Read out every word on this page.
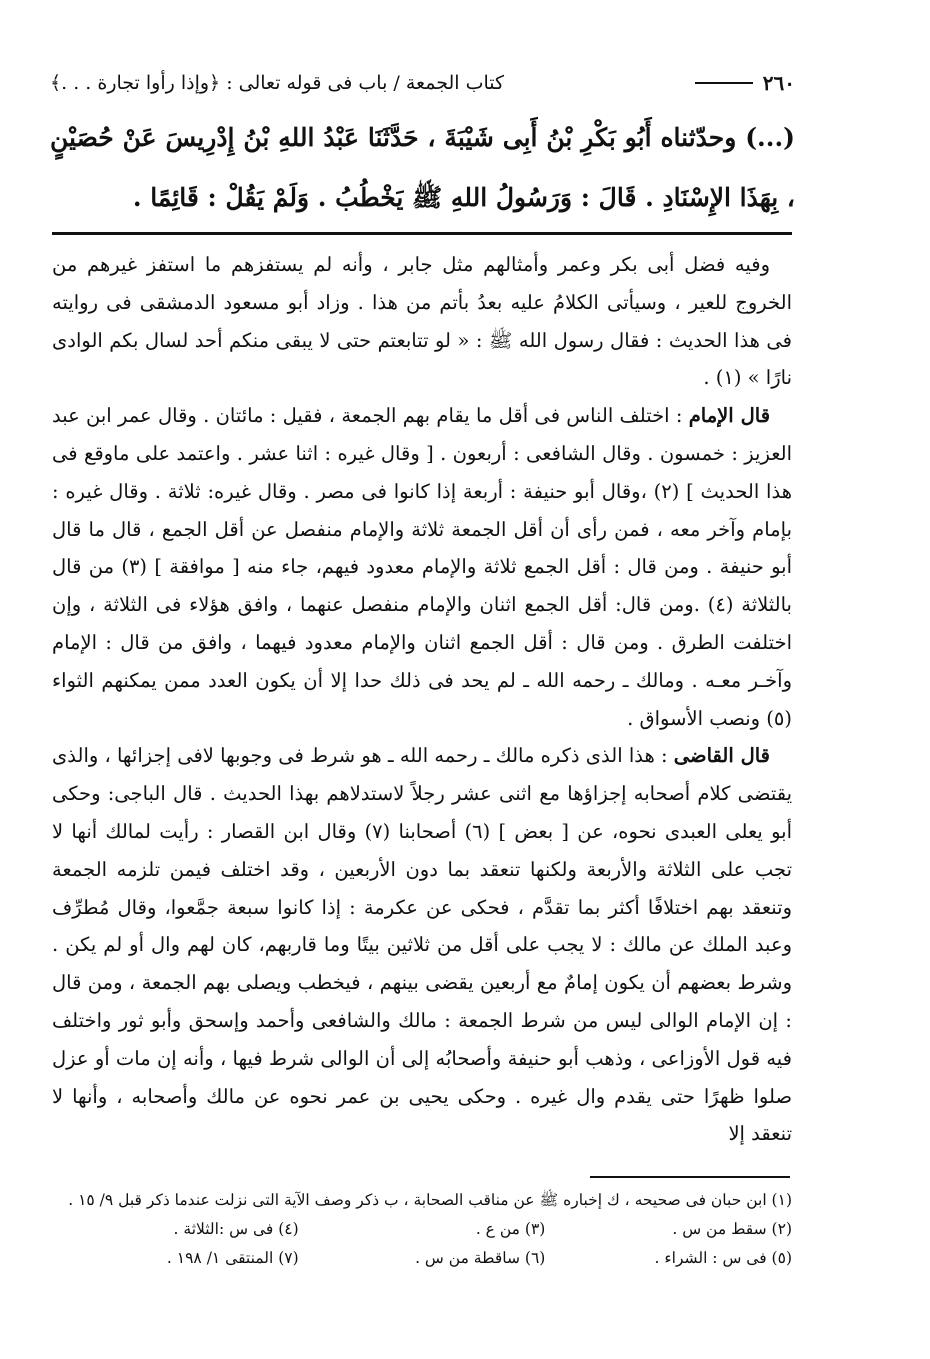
٢٦٠
كتاب الجمعة / باب فى قوله تعالى : ﴿وإذا رأوا تجارة . . .﴾
(...) وحدّثناه أَبُو بَكْرِ بْنُ أَبِى شَيْبَةَ ، حَدَّثَنَا عَبْدُ اللهِ بْنُ إِدْرِيسَ عَنْ حُصَيْنٍ ، بِهَذَا الإِسْنَادِ . قَالَ : وَرَسُولُ اللهِ ﷺ يَخْطُبُ . وَلَمْ يَقُلْ : قَائِمًا .

وفيه فضل أبى بكر وعمر وأمثالهم مثل جابر ، وأنه لم يستفزهم ما استفز غيرهم من الخروج للعير ، وسيأتى الكلامُ عليه بعدُ بأتم من هذا . وزاد أبو مسعود الدمشقى فى روايته فى هذا الحديث : فقال رسول الله ﷺ : « لو تتابعتم حتى لا يبقى منكم أحد لسال بكم الوادى نارًا » (١) .

قال الإمام : اختلف الناس فى أقل ما يقام بهم الجمعة ، فقيل : مائتان . وقال عمر ابن عبد العزيز : خمسون . وقال الشافعى : أربعون . [ وقال غيره : اثنا عشر . واعتمد على ماوقع فى هذا الحديث ] (٢) ،وقال أبو حنيفة : أربعة إذا كانوا فى مصر . وقال غيره: ثلاثة . وقال غيره : بإمام وآخر معه ، فمن رأى أن أقل الجمعة ثلاثة والإمام منفصل عن أقل الجمع ، قال ما قال أبو حنيفة . ومن قال : أقل الجمع ثلاثة والإمام معدود فيهم، جاء منه [ موافقة ] (٣) من قال بالثلاثة (٤) .ومن قال: أقل الجمع اثنان والإمام منفصل عنهما ، وافق هؤلاء فى الثلاثة ، وإن اختلفت الطرق . ومن قال : أقل الجمع اثنان والإمام معدود فيهما ، وافق من قال : الإمام وآخـر معـه . ومالك ـ رحمه الله ـ لم يحد فى ذلك حدا إلا أن يكون العدد ممن يمكنهم الثواء (٥) ونصب الأسواق .

قال القاضى : هذا الذى ذكره مالك ـ رحمه الله ـ هو شرط فى وجوبها لافى إجزائها ، والذى يقتضى كلام أصحابه إجزاؤها مع اثنى عشر رجلاً لاستدلاهم بهذا الحديث . قال الباجى: وحكى أبو يعلى العبدى نحوه، عن [ بعض ] (٦) أصحابنا (٧) وقال ابن القصار : رأيت لمالك أنها لا تجب على الثلاثة والأربعة ولكنها تنعقد بما دون الأربعين ، وقد اختلف فيمن تلزمه الجمعة وتنعقد بهم اختلافًا أكثر بما تقدَّم ، فحكى عن عكرمة : إذا كانوا سبعة جمَّعوا، وقال مُطرِّف وعبد الملك عن مالك : لا يجب على أقل من ثلاثين بيتًا وما قاربهم، كان لهم وال أو لم يكن . وشرط بعضهم أن يكون إمامٌ مع أربعين يقضى بينهم ، فيخطب ويصلى بهم الجمعة ، ومن قال : إن الإمام الوالى ليس من شرط الجمعة : مالك والشافعى وأحمد وإسحق وأبو ثور واختلف فيه قول الأوزاعى ، وذهب أبو حنيفة وأصحابُه إلى أن الوالى شرط فيها ، وأنه إن مات أو عزل صلوا ظهرًا حتى يقدم وال غيره . وحكى يحيى بن عمر نحوه عن مالك وأصحابه ، وأنها لا تنعقد إلا

(١) ابن حبان فى صحيحه ، ك إخباره ﷺ عن مناقب الصحابة ، ب ذكر وصف الآية التى نزلت عندما ذكر قبل ٩/ ١٥ .
(٢) سقط من س .
(٣) من ع .
(٤) فى س :الثلاثة .
(٥) فى س : الشراء .
(٦) ساقطة من س .
(٧) المنتقى ١/ ١٩٨ .
